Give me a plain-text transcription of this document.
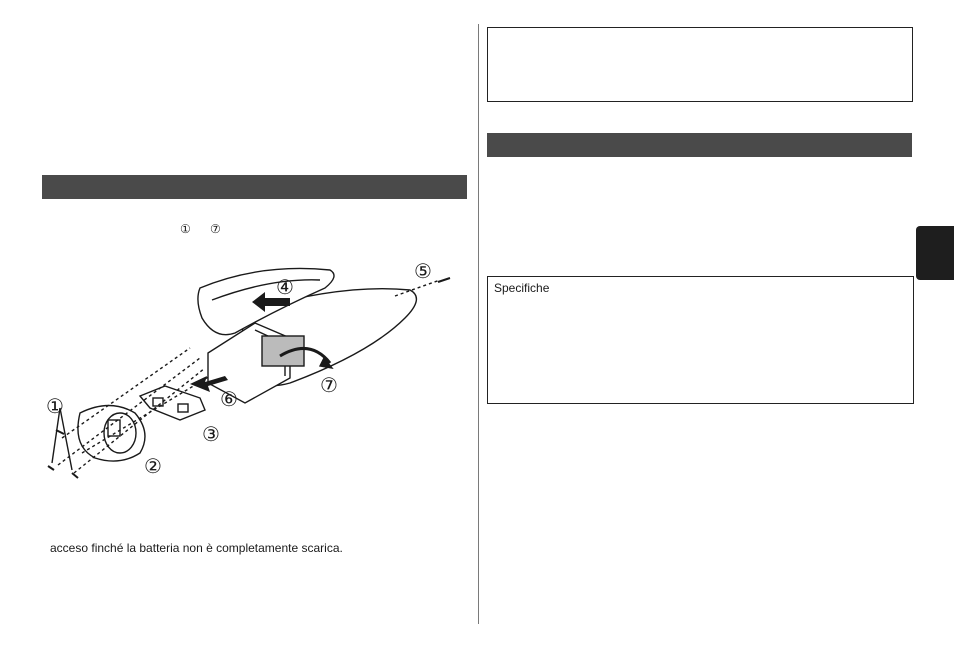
① ⑦
①
②
③
④
⑤
⑥
⑦
acceso finché la batteria non è completamente scarica.
Specifiche
